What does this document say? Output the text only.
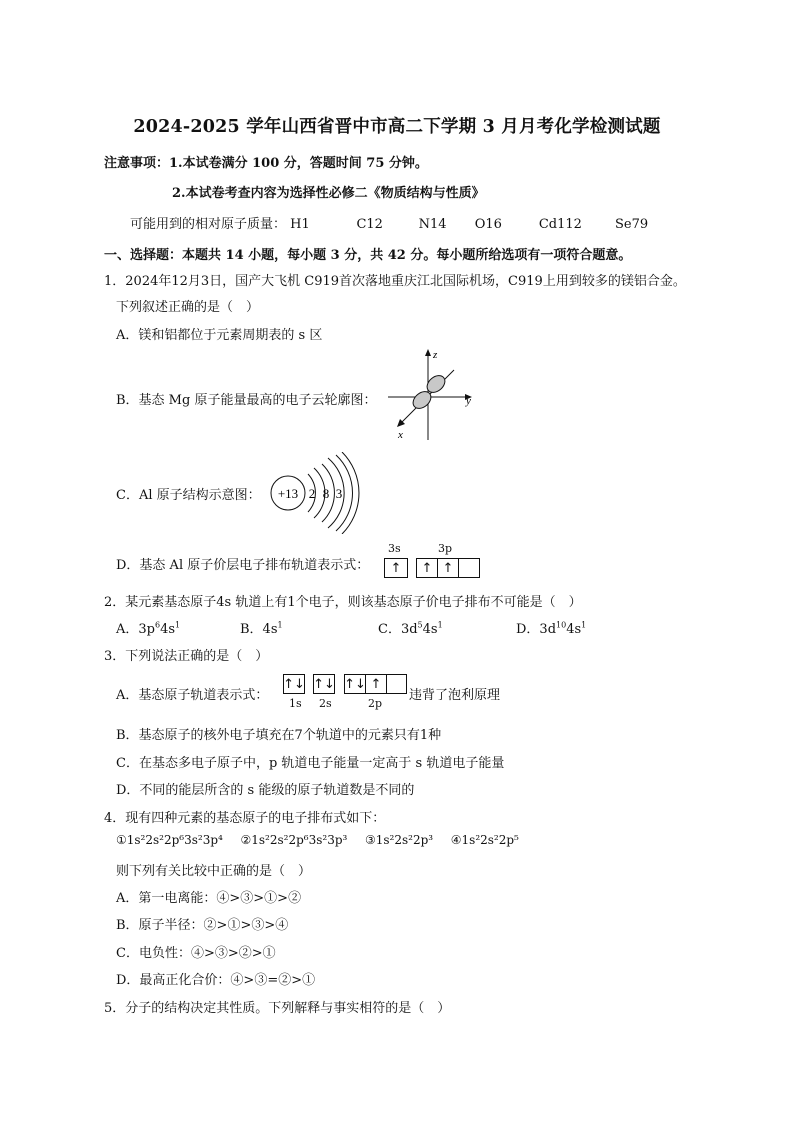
2024-2025 学年山西省晋中市高二下学期 3 月月考化学检测试题
注意事项：1.本试卷满分 100 分，答题时间 75 分钟。
2.本试卷考查内容为选择性必修二《物质结构与性质》
可能用到的相对原子质量： H1	C12	N14 O16	Cd112	Se79
一、选择题：本题共 14 小题，每小题 3 分，共 42 分。每小题所给选项有一项符合题意。
1．2024年12月3日，国产大飞机 C919首次落地重庆江北国际机场，C919上用到较多的镁铝合金。
下列叙述正确的是（　）
A．镁和铝都位于元素周期表的 s 区
B．基态 Mg 原子能量最高的电子云轮廓图：
z
y
x
C．Al 原子结构示意图： +13 2 8 3
D．基态 Al 原子价层电子排布轨道表示式：
3s	3p
↑	↑ ↑
2．某元素基态原子4s 轨道上有1个电子，则该基态原子价电子排布不可能是（　）
A．$3p^64s^1$	B．$4s^1$	C．$3d^54s^1$	D．$3d^{10}4s^1$
3．下列说法正确的是（　）
A．基态原子轨道表示式：
↑↓ ↑↓ ↑↓ ↑
1s 2s	2p
违背了泡利原理
B．基态原子的核外电子填充在7个轨道中的元素只有1种
C．在基态多电子原子中，p 轨道电子能量一定高于 s 轨道电子能量
D．不同的能层所含的 s 能级的原子轨道数是不同的
4．现有四种元素的基态原子的电子排布式如下：
①1s²2s²2p⁶3s²3p⁴ ②1s²2s²2p⁶3s²3p³ ③1s²2s²2p³ ④1s²2s²2p⁵
则下列有关比较中正确的是（　）
A．第一电离能：④>③>①>②
B．原子半径：②>①>③>④
C．电负性：④>③>②>①
D．最高正化合价：④>③=②>①
5．分子的结构决定其性质。下列解释与事实相符的是（　）
